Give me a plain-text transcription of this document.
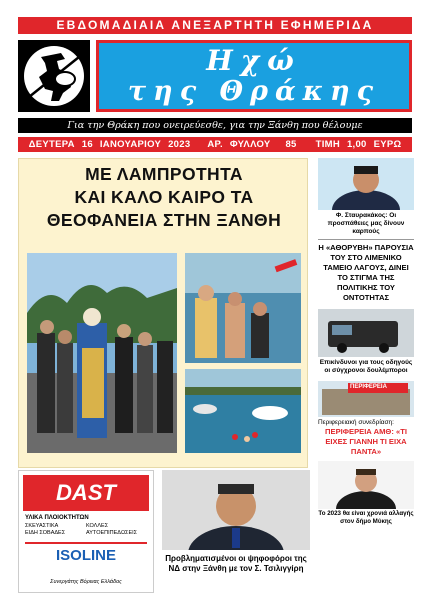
ΕΒΔΟΜΑΔΙΑΙΑ ΑΝΕΞΑΡΤΗΤΗ ΕΦΗΜΕΡΙΔΑ
Ηχώ
της Θράκης
Για την Θράκη που ονειρεύεσθε, για την Ξάνθη που θέλουμε
ΔΕΥΤΕΡΑ 16 ΙΑΝΟΥΑΡΙΟΥ 2023 ΑΡ. ΦΥΛΛΟΥ 85 ΤΙΜΗ 1,00 ΕΥΡΩ
ΜΕ ΛΑΜΠΡΟΤΗΤΑ
ΚΑΙ ΚΑΛΟ ΚΑΙΡΟ ΤΑ
ΘΕΟΦΑΝΕΙΑ ΣΤΗΝ ΞΑΝΘΗ	Φ. Σταυρακάκος: Οι προσπάθειες μας δίνουν καρπούς
Η «ΑΘΟΡΥΒΗ» ΠΑΡΟΥΣΙΑ ΤΟΥ ΣΤΟ ΛΙΜΕΝΙΚΟ ΤΑΜΕΙΟ ΛΑΓΟΥΣ, ΔΙΝΕΙ ΤΟ ΣΤΙΓΜΑ ΤΗΣ ΠΟΛΙΤΙΚΗΣ ΤΟΥ ΟΝΤΟΤΗΤΑΣ
Επικίνδυνοι για τους οδηγούς οι σύγχρονοι δουλέμποροι
ΠΕΡΙΦΕΡΕΙΑ
Περιφερειακή συνεδρίαση:
ΠΕΡΙΦΕΡΕΙΑ ΑΜΘ: «ΤΙ ΕΙΧΕΣ ΓΙΑΝΝΗ ΤΙ ΕΙΧΑ ΠΑΝΤΑ»
Το 2023 θα είναι χρονιά αλλαγής στον δήμο Μύκης
DAST
ΥΛΙΚΑ ΠΛΟΙΟΚΤΗΤΩΝ
ΣΚΕΥΑΣΤΙΚΑ	ΚΟΛΛΕΣ
ΕΙΔΗ ΣΟΒΑΔΕΣ	ΑΥΤΟΕΠΙΠΕΔΩΣΕΙΣ
ISOLINE
Συνεργάτης Βόρειας Ελλάδος
Προβληματισμένοι οι ψηφοφόροι της ΝΔ στην Ξάνθη με τον Σ. Τσιλιγγίρη
